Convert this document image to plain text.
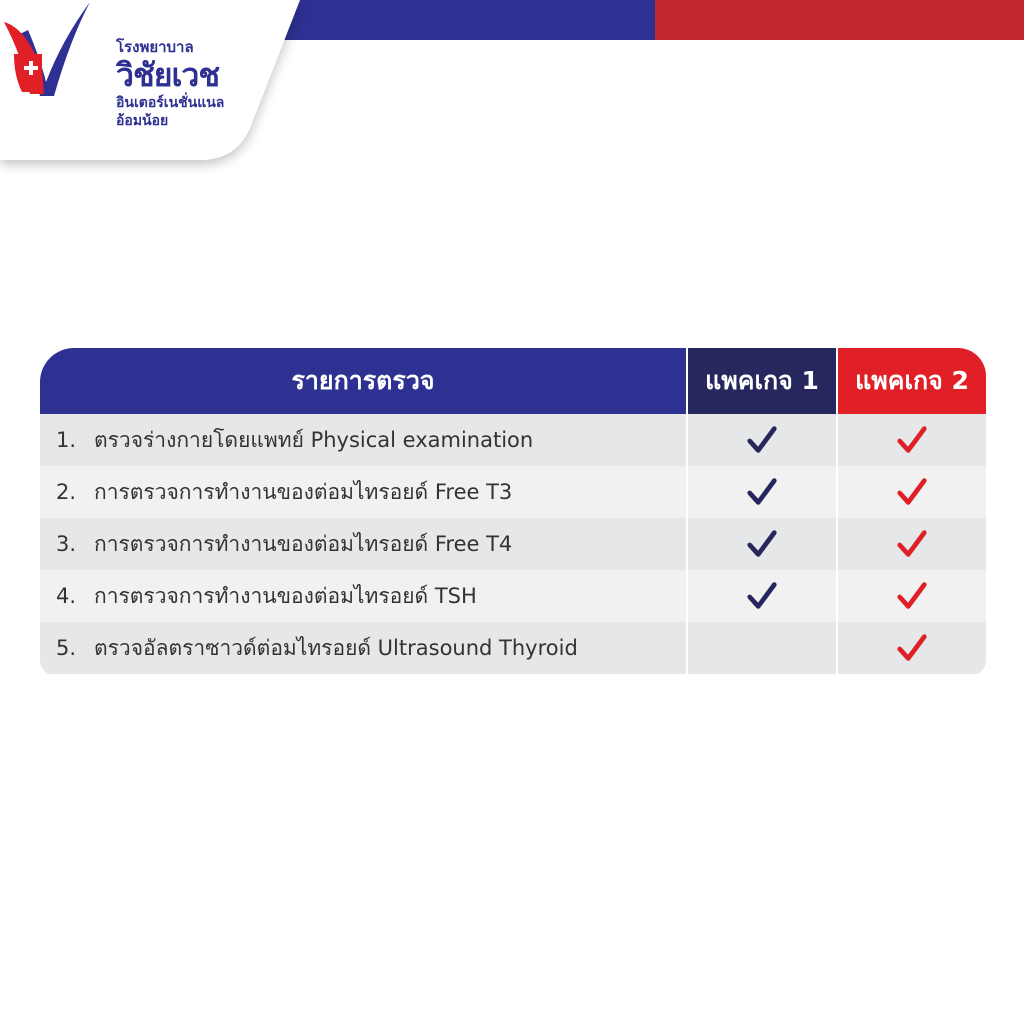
โรงพยาบาล
วิชัยเวช
อินเตอร์เนชั่นแนล
อ้อมน้อย
รายการตรวจ	แพคเกจ 1	แพคเกจ 2
1. ตรวจร่างกายโดยแพทย์ Physical examination
2. การตรวจการทำงานของต่อมไทรอยด์ Free T3
3. การตรวจการทำงานของต่อมไทรอยด์ Free T4
4. การตรวจการทำงานของต่อมไทรอยด์ TSH
5. ตรวจอัลตราซาวด์ต่อมไทรอยด์ Ultrasound Thyroid
